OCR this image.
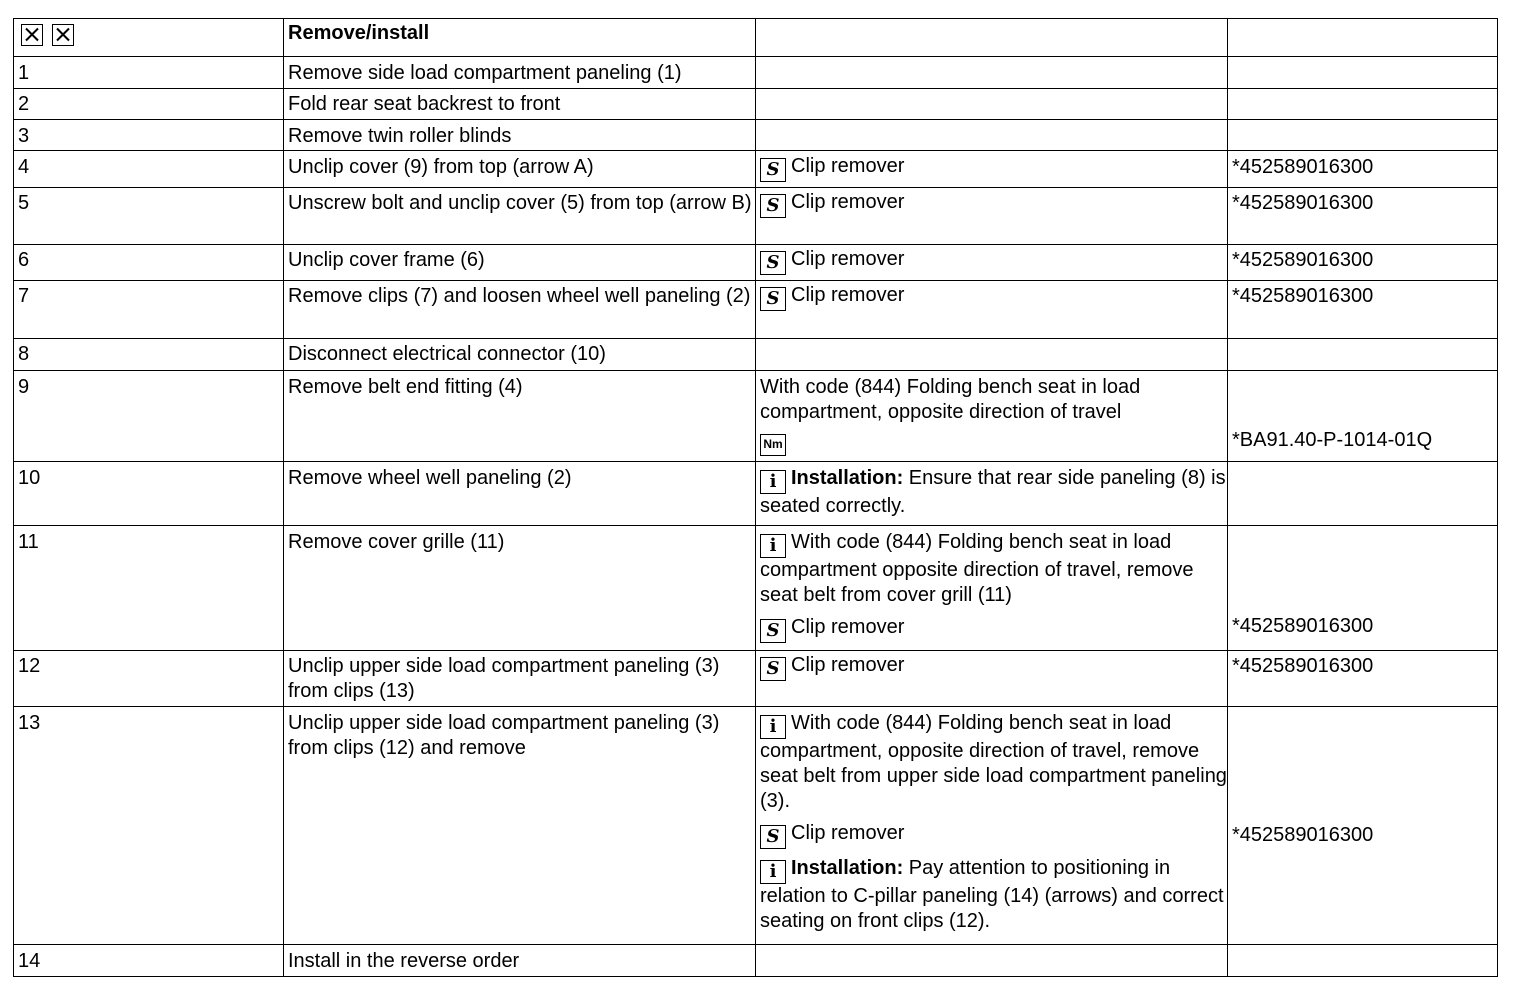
	Remove/install		
1	Remove side load compartment paneling (1)		
2	Fold rear seat backrest to front		
3	Remove twin roller blinds		
4	Unclip cover (9) from top (arrow A)	S Clip remover	*452589016300
5	Unscrew bolt and unclip cover (5) from top (arrow B)	S Clip remover	*452589016300
6	Unclip cover frame (6)	S Clip remover	*452589016300
7	Remove clips (7) and loosen wheel well paneling (2)	S Clip remover	*452589016300
8	Disconnect electrical connector (10)		
9	Remove belt end fitting (4)	With code (844) Folding bench seat in load compartment, opposite direction of travel
Nm	*BA91.40-P-1014-01Q
10	Remove wheel well paneling (2)	i Installation: Ensure that rear side paneling (8) is seated correctly.	
11	Remove cover grille (11)	i With code (844) Folding bench seat in load compartment opposite direction of travel, remove seat belt from cover grill (11)
S Clip remover	*452589016300
12	Unclip upper side load compartment paneling (3) from clips (13)	S Clip remover	*452589016300
13	Unclip upper side load compartment paneling (3) from clips (12) and remove	i With code (844) Folding bench seat in load compartment, opposite direction of travel, remove seat belt from upper side load compartment paneling (3).
S Clip remover
i Installation: Pay attention to positioning in relation to C-pillar paneling (14) (arrows) and correct seating on front clips (12).	*452589016300
14	Install in the reverse order		
